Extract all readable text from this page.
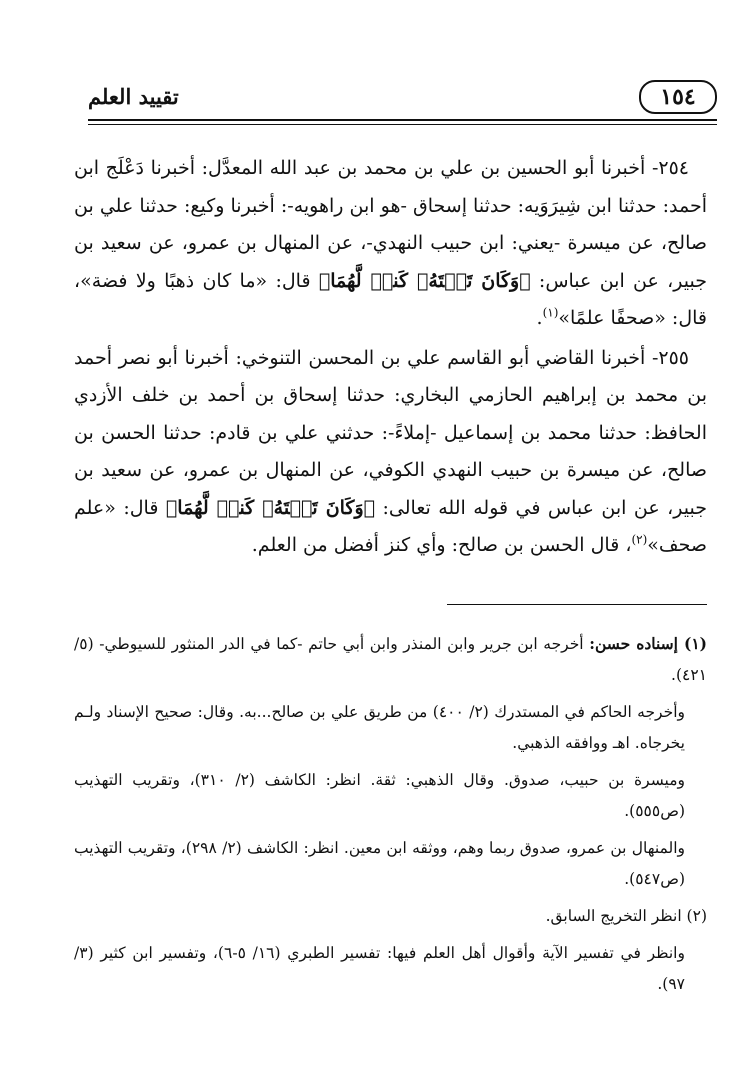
١٥٤
تقييد العلم

٢٥٤- أخبرنا أبو الحسين بن علي بن محمد بن عبد الله المعدَّل: أخبرنا دَعْلَج ابن أحمد: حدثنا ابن شِيرَوَيه: حدثنا إسحاق -هو ابن راهويه-: أخبرنا وكيع: حدثنا علي بن صالح، عن ميسرة -يعني: ابن حبيب النهدي-، عن المنهال بن عمرو، عن سعيد بن جبير، عن ابن عباس: ﴿وَكَانَ تَحۡتَهُۥ كَنزٞ لَّهُمَا﴾ قال: «ما كان ذهبًا ولا فضة»، قال: «صحفًا علمًا»$^{(١)}$.

٢٥٥- أخبرنا القاضي أبو القاسم علي بن المحسن التنوخي: أخبرنا أبو نصر أحمد بن محمد بن إبراهيم الحازمي البخاري: حدثنا إسحاق بن أحمد بن خلف الأزدي الحافظ: حدثنا محمد بن إسماعيل -إملاءً-: حدثني علي بن قادم: حدثنا الحسن بن صالح، عن ميسرة بن حبيب النهدي الكوفي، عن المنهال بن عمرو، عن سعيد بن جبير، عن ابن عباس في قوله الله تعالى: ﴿وَكَانَ تَحۡتَهُۥ كَنزٞ لَّهُمَا﴾ قال: «علم صحف»$^{(٢)}$، قال الحسن بن صالح: وأي كنز أفضل من العلم.

(١) إسناده حسن: أخرجه ابن جرير وابن المنذر وابن أبي حاتم -كما في الدر المنثور للسيوطي- (٥/ ٤٢١).

وأخرجه الحاكم في المستدرك (٢/ ٤٠٠) من طريق علي بن صالح...به. وقال: صحيح الإسناد ولـم يخرجاه. اهـ ووافقه الذهبي.

وميسرة بن حبيب، صدوق. وقال الذهبي: ثقة. انظر: الكاشف (٢/ ٣١٠)، وتقريب التهذيب (ص٥٥٥).

والمنهال بن عمرو، صدوق ربما وهم، ووثقه ابن معين. انظر: الكاشف (٢/ ٢٩٨)، وتقريب التهذيب (ص٥٤٧).

(٢) انظر التخريج السابق.

وانظر في تفسير الآية وأقوال أهل العلم فيها: تفسير الطبري (١٦/ ٥-٦)، وتفسير ابن كثير (٣/ ٩٧).
